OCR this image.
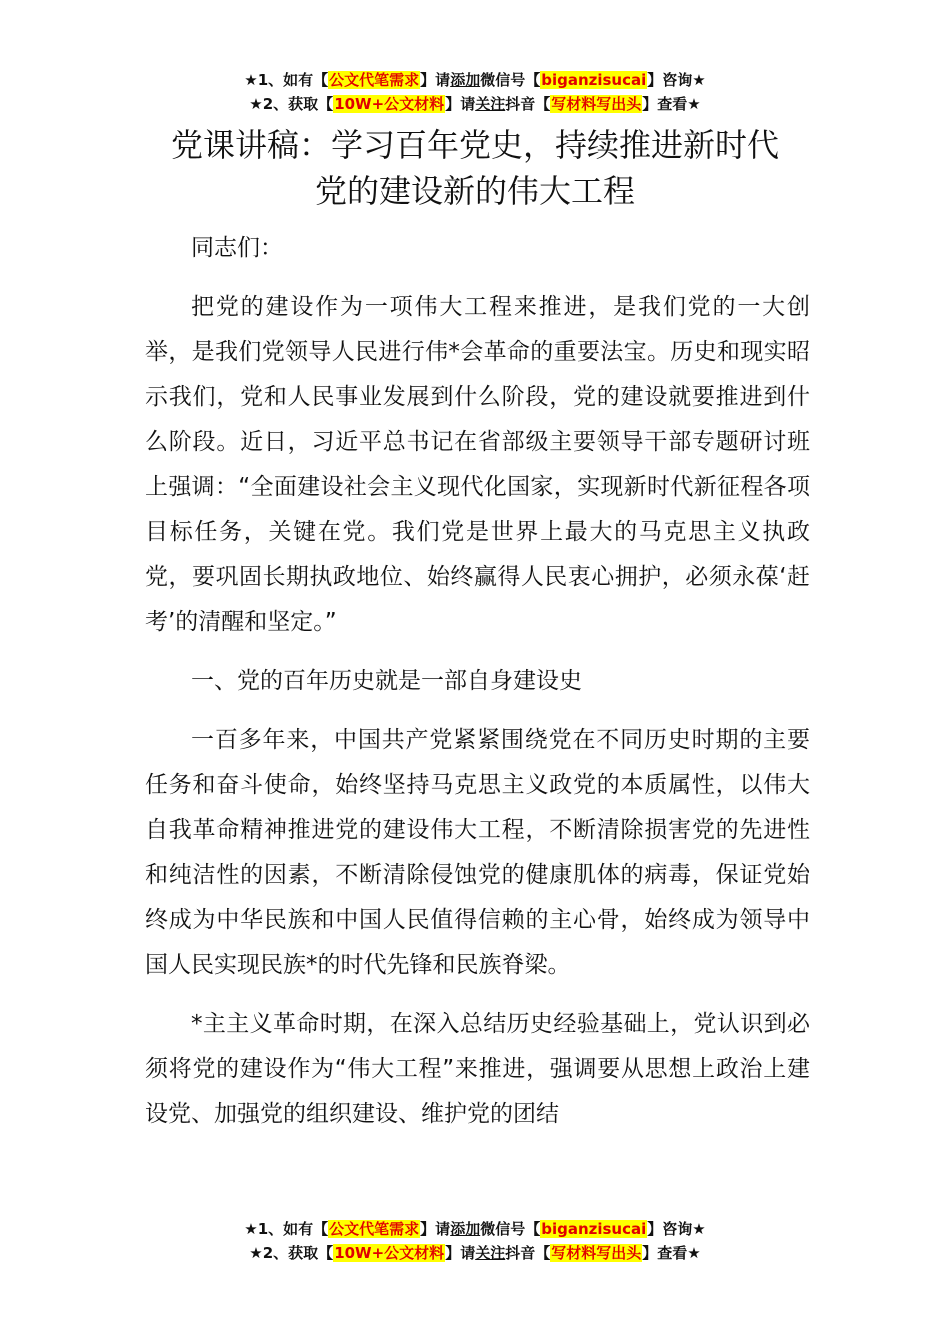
★1、如有【公文代笔需求】请添加微信号【biganzisucai】咨询★
★2、获取【10W+公文材料】请关注抖音【写材料写出头】查看★
党课讲稿：学习百年党史，持续推进新时代
党的建设新的伟大工程

同志们：

把党的建设作为一项伟大工程来推进，是我们党的一大创举，是我们党领导人民进行伟*会革命的重要法宝。历史和现实昭示我们，党和人民事业发展到什么阶段，党的建设就要推进到什么阶段。近日，习近平总书记在省部级主要领导干部专题研讨班上强调：“全面建设社会主义现代化国家，实现新时代新征程各项目标任务，关键在党。我们党是世界上最大的马克思主义执政党，要巩固长期执政地位、始终赢得人民衷心拥护，必须永葆‘赶考’的清醒和坚定。”

一、党的百年历史就是一部自身建设史

一百多年来，中国共产党紧紧围绕党在不同历史时期的主要任务和奋斗使命，始终坚持马克思主义政党的本质属性，以伟大自我革命精神推进党的建设伟大工程，不断清除损害党的先进性和纯洁性的因素，不断清除侵蚀党的健康肌体的病毒，保证党始终成为中华民族和中国人民值得信赖的主心骨，始终成为领导中国人民实现民族*的时代先锋和民族脊梁。

*主主义革命时期，在深入总结历史经验基础上，党认识到必须将党的建设作为“伟大工程”来推进，强调要从思想上政治上建设党、加强党的组织建设、维护党的团结

★1、如有【公文代笔需求】请添加微信号【biganzisucai】咨询★
★2、获取【10W+公文材料】请关注抖音【写材料写出头】查看★
